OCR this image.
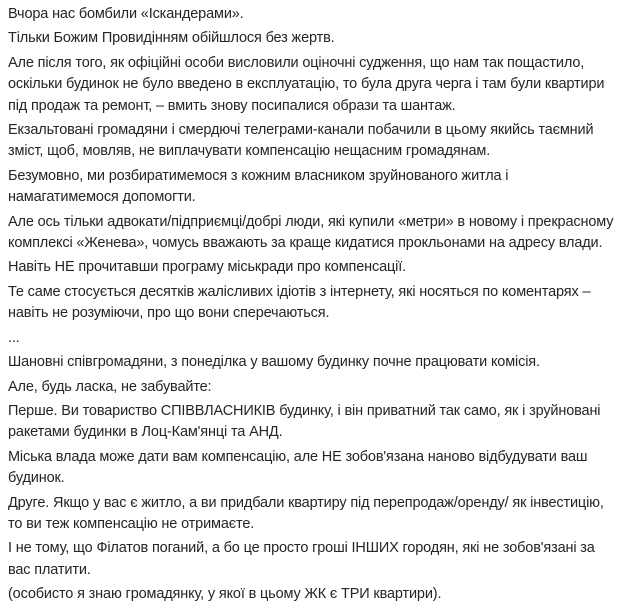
Вчора нас бомбили «Іскандерами».

Тільки Божим Провидінням обійшлося без жертв.

Але після того, як офіційні особи висловили оціночні судження, що нам так пощастило,
оскільки будинок не було введено в експлуатацію, то була друга черга і там були квартири
під продаж та ремонт, – вмить знову посипалися образи та шантаж.

Екзальтовані громадяни і смердючі телеграми-канали побачили в цьому якийсь таємний
зміст, щоб, мовляв, не виплачувати компенсацію нещасним громадянам.

Безумовно, ми розбиратимемося з кожним власником зруйнованого житла і
намагатимемося допомогти.

Але ось тільки адвокати/підприємці/добрі люди, які купили «метри» в новому і прекрасному
комплексі «Женева», чомусь вважають за краще кидатися прокльонами на адресу влади.

Навіть НЕ прочитавши програму міськради про компенсації.

Те саме стосується десятків жалісливих ідіотів з інтернету, які носяться по коментарях –
навіть не розуміючи, про що вони сперечаються.

...

Шановні співгромадяни, з понеділка у вашому будинку почне працювати комісія.

Але, будь ласка, не забувайте:

Перше. Ви товариство СПІВВЛАСНИКІВ будинку, і він приватний так само, як і зруйновані
ракетами будинки в Лоц-Кам'янці та АНД.

Міська влада може дати вам компенсацію, але НЕ зобов'язана наново відбудувати ваш
будинок.

Друге. Якщо у вас є житло, а ви придбали квартиру під перепродаж/оренду/ як інвестицію,
то ви теж компенсацію не отримаєте.

І не тому, що Філатов поганий, а бо це просто гроші ІНШИХ городян, які не зобов'язані за
вас платити.

(особисто я знаю громадянку, у якої в цьому ЖК є ТРИ квартири).
